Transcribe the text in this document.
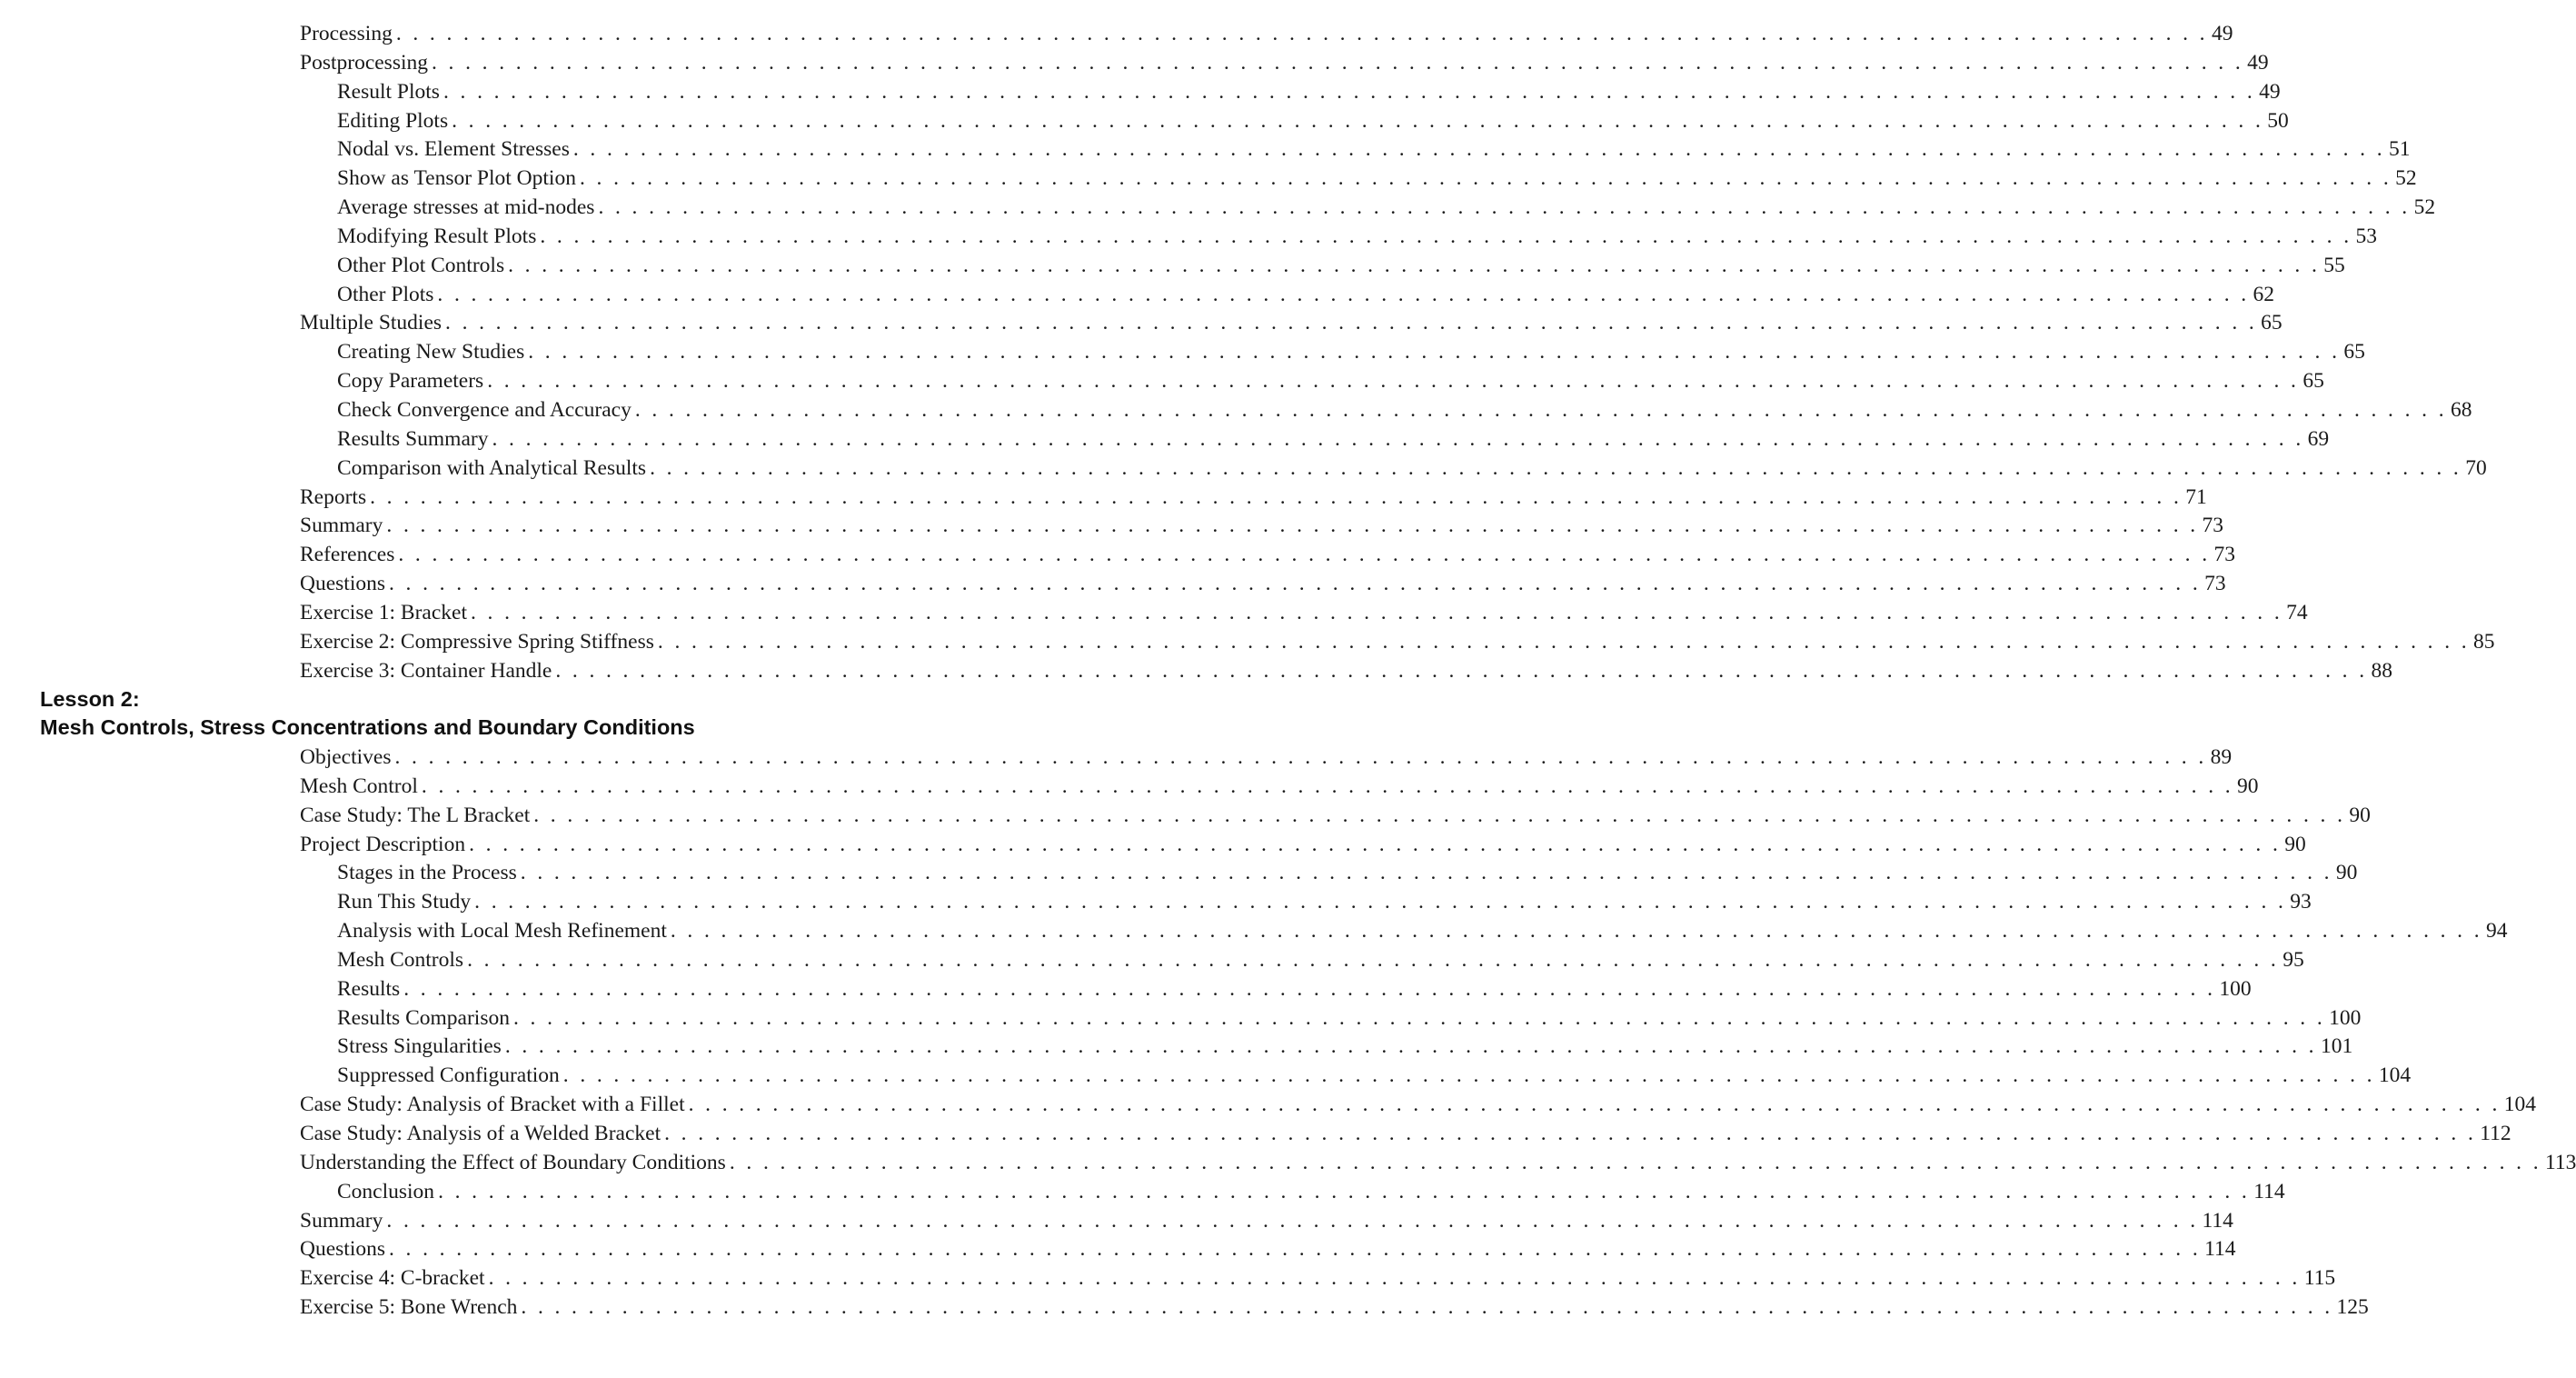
Processing . . . . . . . . . . . . . . . . . . . . . . . . . . . . . . . . . . . . . . . . . . . . . . . . . . . . . . . . . . . . . . . . . . . . . . . . . . . . . . . . . . . . . . . . . . . . . . . . . . . . . . . . . . . . 49
Postprocessing . . . . . . . . . . . . . . . . . . . . . . . . . . . . . . . . . . . . . . . . . . . . . . . . . . . . . . . . . . . . . . . . . . . . . . . . . . . . . . . . . . . . . . . . . . . . . . . . . . . . . . . . . . . . 49
Result Plots . . . . . . . . . . . . . . . . . . . . . . . . . . . . . . . . . . . . . . . . . . . . . . . . . . . . . . . . . . . . . . . . . . . . . . . . . . . . . . . . . . . . . . . . . . . . . . . . . . . . . . . . . . . . 49
Editing Plots . . . . . . . . . . . . . . . . . . . . . . . . . . . . . . . . . . . . . . . . . . . . . . . . . . . . . . . . . . . . . . . . . . . . . . . . . . . . . . . . . . . . . . . . . . . . . . . . . . . . . . . . . . . . 50
Nodal vs. Element Stresses . . . . . . . . . . . . . . . . . . . . . . . . . . . . . . . . . . . . . . . . . . . . . . . . . . . . . . . . . . . . . . . . . . . . . . . . . . . . . . . . . . . . . . . . . . . . . . . . . . . . . . . . . . . . 51
Show as Tensor Plot Option . . . . . . . . . . . . . . . . . . . . . . . . . . . . . . . . . . . . . . . . . . . . . . . . . . . . . . . . . . . . . . . . . . . . . . . . . . . . . . . . . . . . . . . . . . . . . . . . . . . . . . . . . . . . 52
Average stresses at mid-nodes . . . . . . . . . . . . . . . . . . . . . . . . . . . . . . . . . . . . . . . . . . . . . . . . . . . . . . . . . . . . . . . . . . . . . . . . . . . . . . . . . . . . . . . . . . . . . . . . . . . . . . . . . . . . 52
Modifying Result Plots . . . . . . . . . . . . . . . . . . . . . . . . . . . . . . . . . . . . . . . . . . . . . . . . . . . . . . . . . . . . . . . . . . . . . . . . . . . . . . . . . . . . . . . . . . . . . . . . . . . . . . . . . . . . 53
Other Plot Controls . . . . . . . . . . . . . . . . . . . . . . . . . . . . . . . . . . . . . . . . . . . . . . . . . . . . . . . . . . . . . . . . . . . . . . . . . . . . . . . . . . . . . . . . . . . . . . . . . . . . . . . . . . . . 55
Other Plots . . . . . . . . . . . . . . . . . . . . . . . . . . . . . . . . . . . . . . . . . . . . . . . . . . . . . . . . . . . . . . . . . . . . . . . . . . . . . . . . . . . . . . . . . . . . . . . . . . . . . . . . . . . . 62
Multiple Studies . . . . . . . . . . . . . . . . . . . . . . . . . . . . . . . . . . . . . . . . . . . . . . . . . . . . . . . . . . . . . . . . . . . . . . . . . . . . . . . . . . . . . . . . . . . . . . . . . . . . . . . . . . . . 65
Creating New Studies . . . . . . . . . . . . . . . . . . . . . . . . . . . . . . . . . . . . . . . . . . . . . . . . . . . . . . . . . . . . . . . . . . . . . . . . . . . . . . . . . . . . . . . . . . . . . . . . . . . . . . . . . . . . 65
Copy Parameters . . . . . . . . . . . . . . . . . . . . . . . . . . . . . . . . . . . . . . . . . . . . . . . . . . . . . . . . . . . . . . . . . . . . . . . . . . . . . . . . . . . . . . . . . . . . . . . . . . . . . . . . . . . . 65
Check Convergence and Accuracy . . . . . . . . . . . . . . . . . . . . . . . . . . . . . . . . . . . . . . . . . . . . . . . . . . . . . . . . . . . . . . . . . . . . . . . . . . . . . . . . . . . . . . . . . . . . . . . . . . . . . . . . . . . . 68
Results Summary . . . . . . . . . . . . . . . . . . . . . . . . . . . . . . . . . . . . . . . . . . . . . . . . . . . . . . . . . . . . . . . . . . . . . . . . . . . . . . . . . . . . . . . . . . . . . . . . . . . . . . . . . . . . 69
Comparison with Analytical Results . . . . . . . . . . . . . . . . . . . . . . . . . . . . . . . . . . . . . . . . . . . . . . . . . . . . . . . . . . . . . . . . . . . . . . . . . . . . . . . . . . . . . . . . . . . . . . . . . . . . . . . . . . . . 70
Reports . . . . . . . . . . . . . . . . . . . . . . . . . . . . . . . . . . . . . . . . . . . . . . . . . . . . . . . . . . . . . . . . . . . . . . . . . . . . . . . . . . . . . . . . . . . . . . . . . . . . . . . . . . . . 71
Summary . . . . . . . . . . . . . . . . . . . . . . . . . . . . . . . . . . . . . . . . . . . . . . . . . . . . . . . . . . . . . . . . . . . . . . . . . . . . . . . . . . . . . . . . . . . . . . . . . . . . . . . . . . . . 73
References . . . . . . . . . . . . . . . . . . . . . . . . . . . . . . . . . . . . . . . . . . . . . . . . . . . . . . . . . . . . . . . . . . . . . . . . . . . . . . . . . . . . . . . . . . . . . . . . . . . . . . . . . . . . 73
Questions . . . . . . . . . . . . . . . . . . . . . . . . . . . . . . . . . . . . . . . . . . . . . . . . . . . . . . . . . . . . . . . . . . . . . . . . . . . . . . . . . . . . . . . . . . . . . . . . . . . . . . . . . . . . 73
Exercise 1: Bracket . . . . . . . . . . . . . . . . . . . . . . . . . . . . . . . . . . . . . . . . . . . . . . . . . . . . . . . . . . . . . . . . . . . . . . . . . . . . . . . . . . . . . . . . . . . . . . . . . . . . . . . . . . . . 74
Exercise 2: Compressive Spring Stiffness . . . . . . . . . . . . . . . . . . . . . . . . . . . . . . . . . . . . . . . . . . . . . . . . . . . . . . . . . . . . . . . . . . . . . . . . . . . . . . . . . . . . . . . . . . . . . . . . . . . . . . . . . . . . 85
Exercise 3: Container Handle . . . . . . . . . . . . . . . . . . . . . . . . . . . . . . . . . . . . . . . . . . . . . . . . . . . . . . . . . . . . . . . . . . . . . . . . . . . . . . . . . . . . . . . . . . . . . . . . . . . . . . . . . . . . 88
Lesson 2:
Mesh Controls, Stress Concentrations and Boundary Conditions
Objectives . . . . . . . . . . . . . . . . . . . . . . . . . . . . . . . . . . . . . . . . . . . . . . . . . . . . . . . . . . . . . . . . . . . . . . . . . . . . . . . . . . . . . . . . . . . . . . . . . . . . . . . . . . . . 89
Mesh Control . . . . . . . . . . . . . . . . . . . . . . . . . . . . . . . . . . . . . . . . . . . . . . . . . . . . . . . . . . . . . . . . . . . . . . . . . . . . . . . . . . . . . . . . . . . . . . . . . . . . . . . . . . . . 90
Case Study: The L Bracket . . . . . . . . . . . . . . . . . . . . . . . . . . . . . . . . . . . . . . . . . . . . . . . . . . . . . . . . . . . . . . . . . . . . . . . . . . . . . . . . . . . . . . . . . . . . . . . . . . . . . . . . . . . . 90
Project Description . . . . . . . . . . . . . . . . . . . . . . . . . . . . . . . . . . . . . . . . . . . . . . . . . . . . . . . . . . . . . . . . . . . . . . . . . . . . . . . . . . . . . . . . . . . . . . . . . . . . . . . . . . . . 90
Stages in the Process . . . . . . . . . . . . . . . . . . . . . . . . . . . . . . . . . . . . . . . . . . . . . . . . . . . . . . . . . . . . . . . . . . . . . . . . . . . . . . . . . . . . . . . . . . . . . . . . . . . . . . . . . . . . 90
Run This Study . . . . . . . . . . . . . . . . . . . . . . . . . . . . . . . . . . . . . . . . . . . . . . . . . . . . . . . . . . . . . . . . . . . . . . . . . . . . . . . . . . . . . . . . . . . . . . . . . . . . . . . . . . . . 93
Analysis with Local Mesh Refinement . . . . . . . . . . . . . . . . . . . . . . . . . . . . . . . . . . . . . . . . . . . . . . . . . . . . . . . . . . . . . . . . . . . . . . . . . . . . . . . . . . . . . . . . . . . . . . . . . . . . . . . . . . . . 94
Mesh Controls . . . . . . . . . . . . . . . . . . . . . . . . . . . . . . . . . . . . . . . . . . . . . . . . . . . . . . . . . . . . . . . . . . . . . . . . . . . . . . . . . . . . . . . . . . . . . . . . . . . . . . . . . . . . 95
Results . . . . . . . . . . . . . . . . . . . . . . . . . . . . . . . . . . . . . . . . . . . . . . . . . . . . . . . . . . . . . . . . . . . . . . . . . . . . . . . . . . . . . . . . . . . . . . . . . . . . . . . . . . . . 100
Results Comparison . . . . . . . . . . . . . . . . . . . . . . . . . . . . . . . . . . . . . . . . . . . . . . . . . . . . . . . . . . . . . . . . . . . . . . . . . . . . . . . . . . . . . . . . . . . . . . . . . . . . . . . . . . . . 100
Stress Singularities . . . . . . . . . . . . . . . . . . . . . . . . . . . . . . . . . . . . . . . . . . . . . . . . . . . . . . . . . . . . . . . . . . . . . . . . . . . . . . . . . . . . . . . . . . . . . . . . . . . . . . . . . . . . 101
Suppressed Configuration . . . . . . . . . . . . . . . . . . . . . . . . . . . . . . . . . . . . . . . . . . . . . . . . . . . . . . . . . . . . . . . . . . . . . . . . . . . . . . . . . . . . . . . . . . . . . . . . . . . . . . . . . . . . 104
Case Study: Analysis of Bracket with a Fillet . . . . . . . . . . . . . . . . . . . . . . . . . . . . . . . . . . . . . . . . . . . . . . . . . . . . . . . . . . . . . . . . . . . . . . . . . . . . . . . . . . . . . . . . . . . . . . . . . . . . . . . . . . . . 104
Case Study: Analysis of a Welded Bracket . . . . . . . . . . . . . . . . . . . . . . . . . . . . . . . . . . . . . . . . . . . . . . . . . . . . . . . . . . . . . . . . . . . . . . . . . . . . . . . . . . . . . . . . . . . . . . . . . . . . . . . . . . . . 112
Understanding the Effect of Boundary Conditions . . . . . . . . . . . . . . . . . . . . . . . . . . . . . . . . . . . . . . . . . . . . . . . . . . . . . . . . . . . . . . . . . . . . . . . . . . . . . . . . . . . . . . . . . . . . . . . . . . . . . . . . . . . . 113
Conclusion . . . . . . . . . . . . . . . . . . . . . . . . . . . . . . . . . . . . . . . . . . . . . . . . . . . . . . . . . . . . . . . . . . . . . . . . . . . . . . . . . . . . . . . . . . . . . . . . . . . . . . . . . . . . 114
Summary . . . . . . . . . . . . . . . . . . . . . . . . . . . . . . . . . . . . . . . . . . . . . . . . . . . . . . . . . . . . . . . . . . . . . . . . . . . . . . . . . . . . . . . . . . . . . . . . . . . . . . . . . . . . 114
Questions . . . . . . . . . . . . . . . . . . . . . . . . . . . . . . . . . . . . . . . . . . . . . . . . . . . . . . . . . . . . . . . . . . . . . . . . . . . . . . . . . . . . . . . . . . . . . . . . . . . . . . . . . . . . 114
Exercise 4: C-bracket . . . . . . . . . . . . . . . . . . . . . . . . . . . . . . . . . . . . . . . . . . . . . . . . . . . . . . . . . . . . . . . . . . . . . . . . . . . . . . . . . . . . . . . . . . . . . . . . . . . . . . . . . . . . 115
Exercise 5: Bone Wrench . . . . . . . . . . . . . . . . . . . . . . . . . . . . . . . . . . . . . . . . . . . . . . . . . . . . . . . . . . . . . . . . . . . . . . . . . . . . . . . . . . . . . . . . . . . . . . . . . . . . . . . . . . . . 125
